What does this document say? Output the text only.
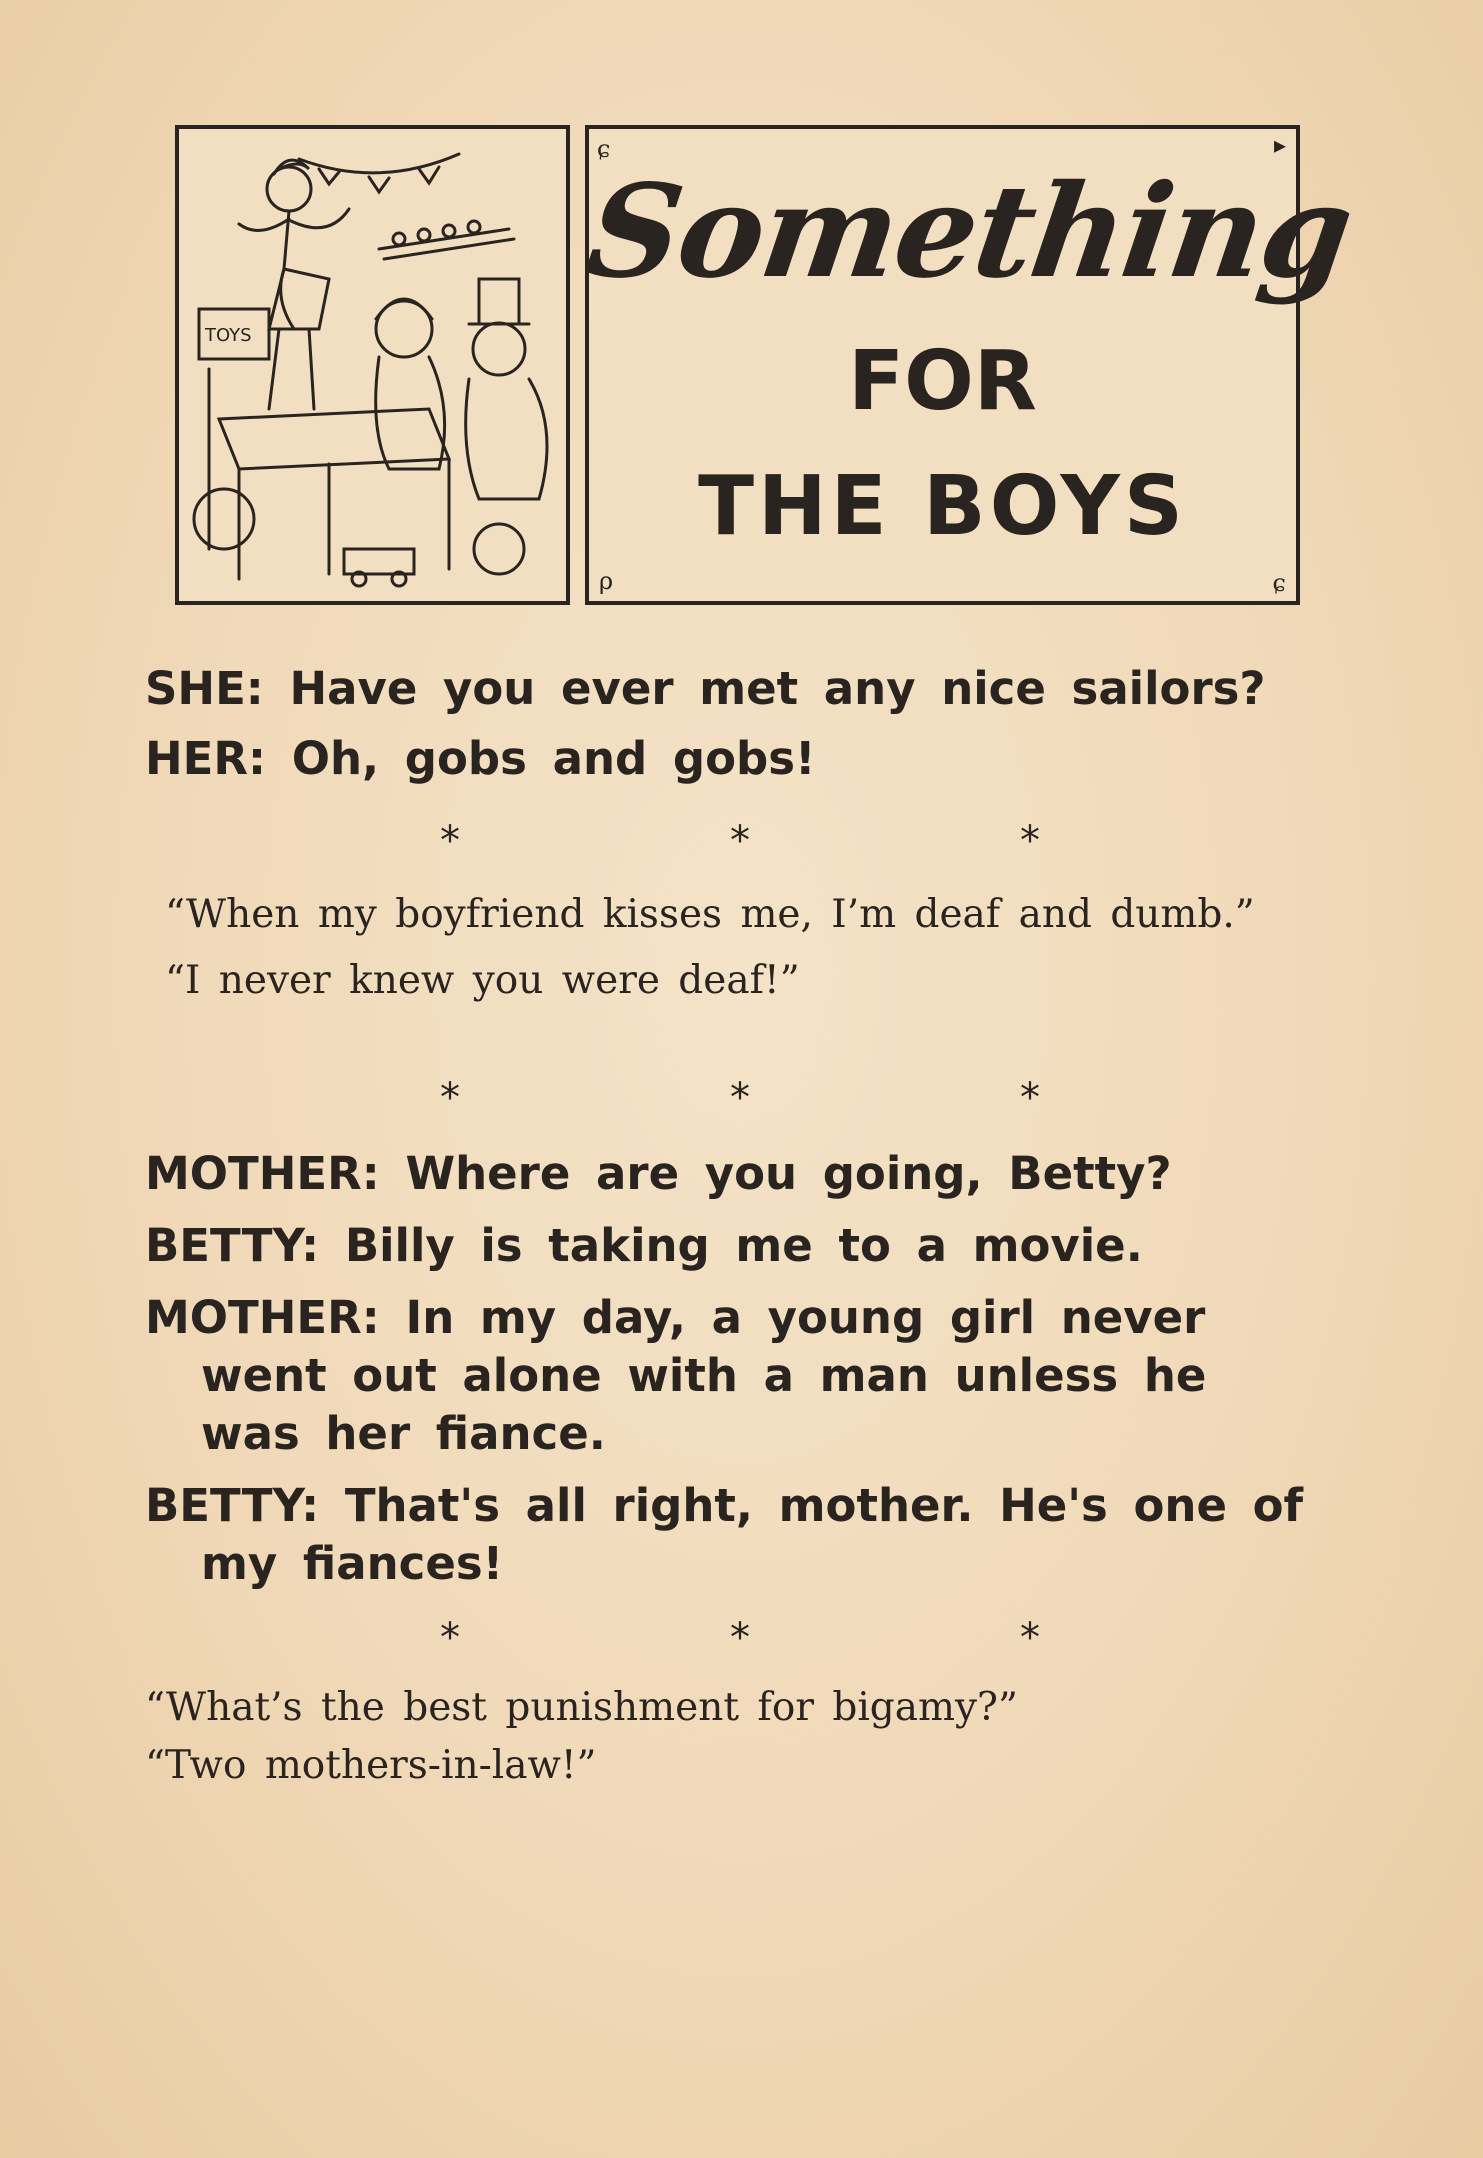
TOYS
ɕ	▸
ρ	ɕ
Something
FOR
THE BOYS

SHE: Have you ever met any nice sailors?

HER: Oh, gobs and gobs!

*	*	*

“When my boyfriend kisses me, I’m deaf and dumb.”

“I never knew you were deaf!”

*	*	*

MOTHER: Where are you going, Betty?

BETTY: Billy is taking me to a movie.

MOTHER: In my day, a young girl never went out alone with a man unless he was her fiance.

BETTY: That's all right, mother. He's one of my fiances!

*	*	*

“What’s the best punishment for bigamy?”

“Two mothers-in-law!”
